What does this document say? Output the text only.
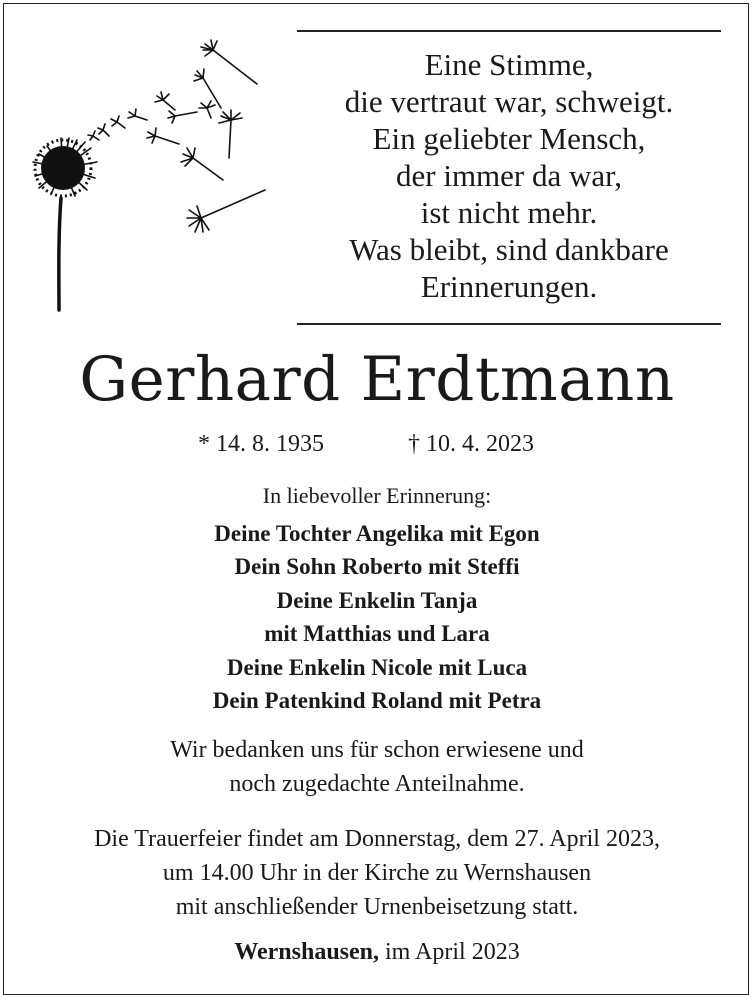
Eine Stimme,
die vertraut war, schweigt.
Ein geliebter Mensch,
der immer da war,
ist nicht mehr.
Was bleibt, sind dankbare
Erinnerungen.
Gerhard Erdtmann
* 14. 8. 1935	† 10. 4. 2023
In liebevoller Erinnerung:
Deine Tochter Angelika mit Egon
Dein Sohn Roberto mit Steffi
Deine Enkelin Tanja
mit Matthias und Lara
Deine Enkelin Nicole mit Luca
Dein Patenkind Roland mit Petra
Wir bedanken uns für schon erwiesene und
noch zugedachte Anteilnahme.
Die Trauerfeier findet am Donnerstag, dem 27. April 2023,
um 14.00 Uhr in der Kirche zu Wernshausen
mit anschließender Urnenbeisetzung statt.
Wernshausen, im April 2023
